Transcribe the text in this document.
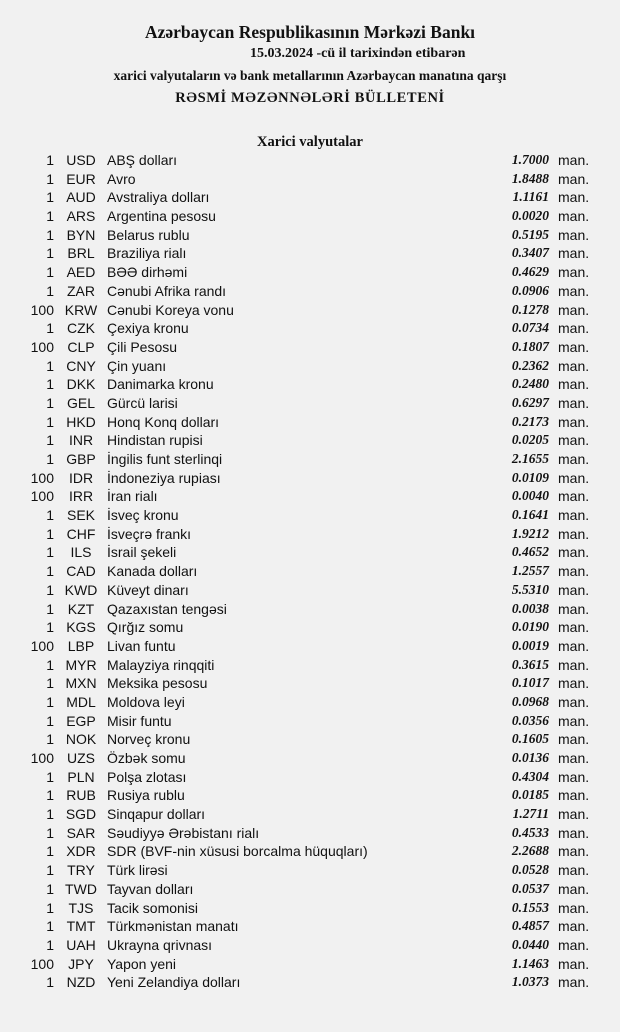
Azərbaycan Respublikasının Mərkəzi Bankı
15.03.2024 -cü il tarixindən etibarən
xarici valyutaların və bank metallarının Azərbaycan manatına qarşı
RƏSMİ MƏZƏNNƏLƏRİ BÜLLETENİ
Xarici valyutalar
1 USD ABŞ dolları	1.7000 man.
1 EUR Avro	1.8488 man.
1 AUD Avstraliya dolları	1.1161 man.
1 ARS Argentina pesosu	0.0020 man.
1 BYN Belarus rublu	0.5195 man.
1 BRL Braziliya rialı	0.3407 man.
1 AED BƏƏ dirhəmi	0.4629 man.
1 ZAR Cənubi Afrika randı	0.0906 man.
100 KRW Cənubi Koreya vonu	0.1278 man.
1 CZK Çexiya kronu	0.0734 man.
100 CLP Çili Pesosu	0.1807 man.
1 CNY Çin yuanı	0.2362 man.
1 DKK Danimarka kronu	0.2480 man.
1 GEL Gürcü larisi	0.6297 man.
1 HKD Honq Konq dolları	0.2173 man.
1	INR Hindistan rupisi	0.0205 man.
1 GBP İngilis funt sterlinqi	2.1655 man.
100	IDR İndoneziya rupiası	0.0109 man.
100	IRR İran rialı	0.0040 man.
1 SEK İsveç kronu	0.1641 man.
1 CHF İsveçrə frankı	1.9212 man.
1	ILS	İsrail şekeli	0.4652 man.
1 CAD Kanada dolları	1.2557 man.
1 KWD Küveyt dinarı	5.5310 man.
1 KZT Qazaxıstan tengəsi	0.0038 man.
1 KGS Qırğız somu	0.0190 man.
100 LBP Livan funtu	0.0019 man.
1 MYR Malayziya rinqqiti	0.3615 man.
1 MXN Meksika pesosu	0.1017 man.
1 MDL Moldova leyi	0.0968 man.
1 EGP Misir funtu	0.0356 man.
1 NOK Norveç kronu	0.1605 man.
100 UZS Özbək somu	0.0136 man.
1 PLN Polşa zlotası	0.4304 man.
1 RUB Rusiya rublu	0.0185 man.
1 SGD Sinqapur dolları	1.2711 man.
1 SAR Səudiyyə Ərəbistanı rialı	0.4533 man.
1 XDR SDR (BVF-nin xüsusi borcalma hüquqları)	2.2688 man.
1 TRY Türk lirəsi	0.0528 man.
1 TWD Tayvan dolları	0.0537 man.
1	TJS Tacik somonisi	0.1553 man.
1 TMT Türkmənistan manatı	0.4857 man.
1 UAH Ukrayna qrivnası	0.0440 man.
100	JPY Yapon yeni	1.1463 man.
1 NZD Yeni Zelandiya dolları	1.0373 man.
